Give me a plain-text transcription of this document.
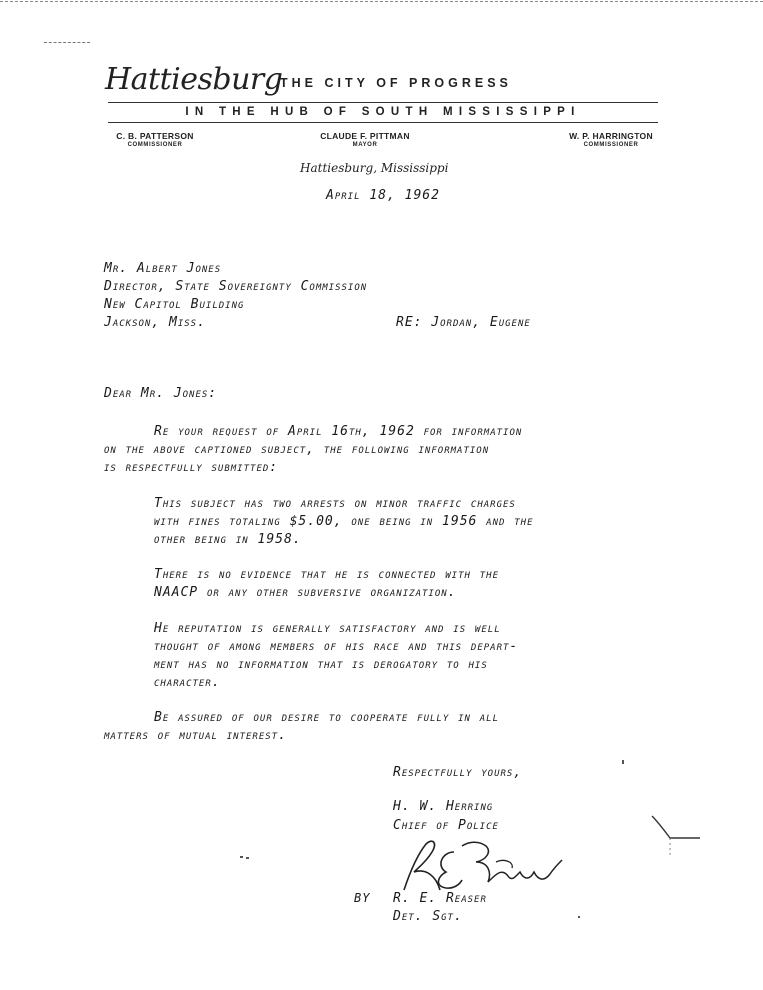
Hattiesburg
THE CITY OF PROGRESS
IN THE HUB OF SOUTH MISSISSIPPI
C. B. PATTERSON
COMMISSIONER
CLAUDE F. PITTMAN
MAYOR
W. P. HARRINGTON
COMMISSIONER
Hattiesburg, Mississippi
April 18, 1962
Mr. Albert Jones
Director, State Sovereignty Commission
New Capitol Building
Jackson, Miss.	RE: Jordan, Eugene
Dear Mr. Jones:
Re your request of April 16th, 1962 for information
on the above captioned subject, the following information
is respectfully submitted:
This subject has two arrests on minor traffic charges
with fines totaling $5.00, one being in 1956 and the
other being in 1958.
There is no evidence that he is connected with the
NAACP or any other subversive organization.
He reputation is generally satisfactory and is well
thought of among members of his race and this depart-
ment has no information that is derogatory to his
character.
Be assured of our desire to cooperate fully in all
matters of mutual interest.
Respectfully yours,
H. W. Herring
Chief of Police
BY R. E. Reaser
Det. Sgt.
